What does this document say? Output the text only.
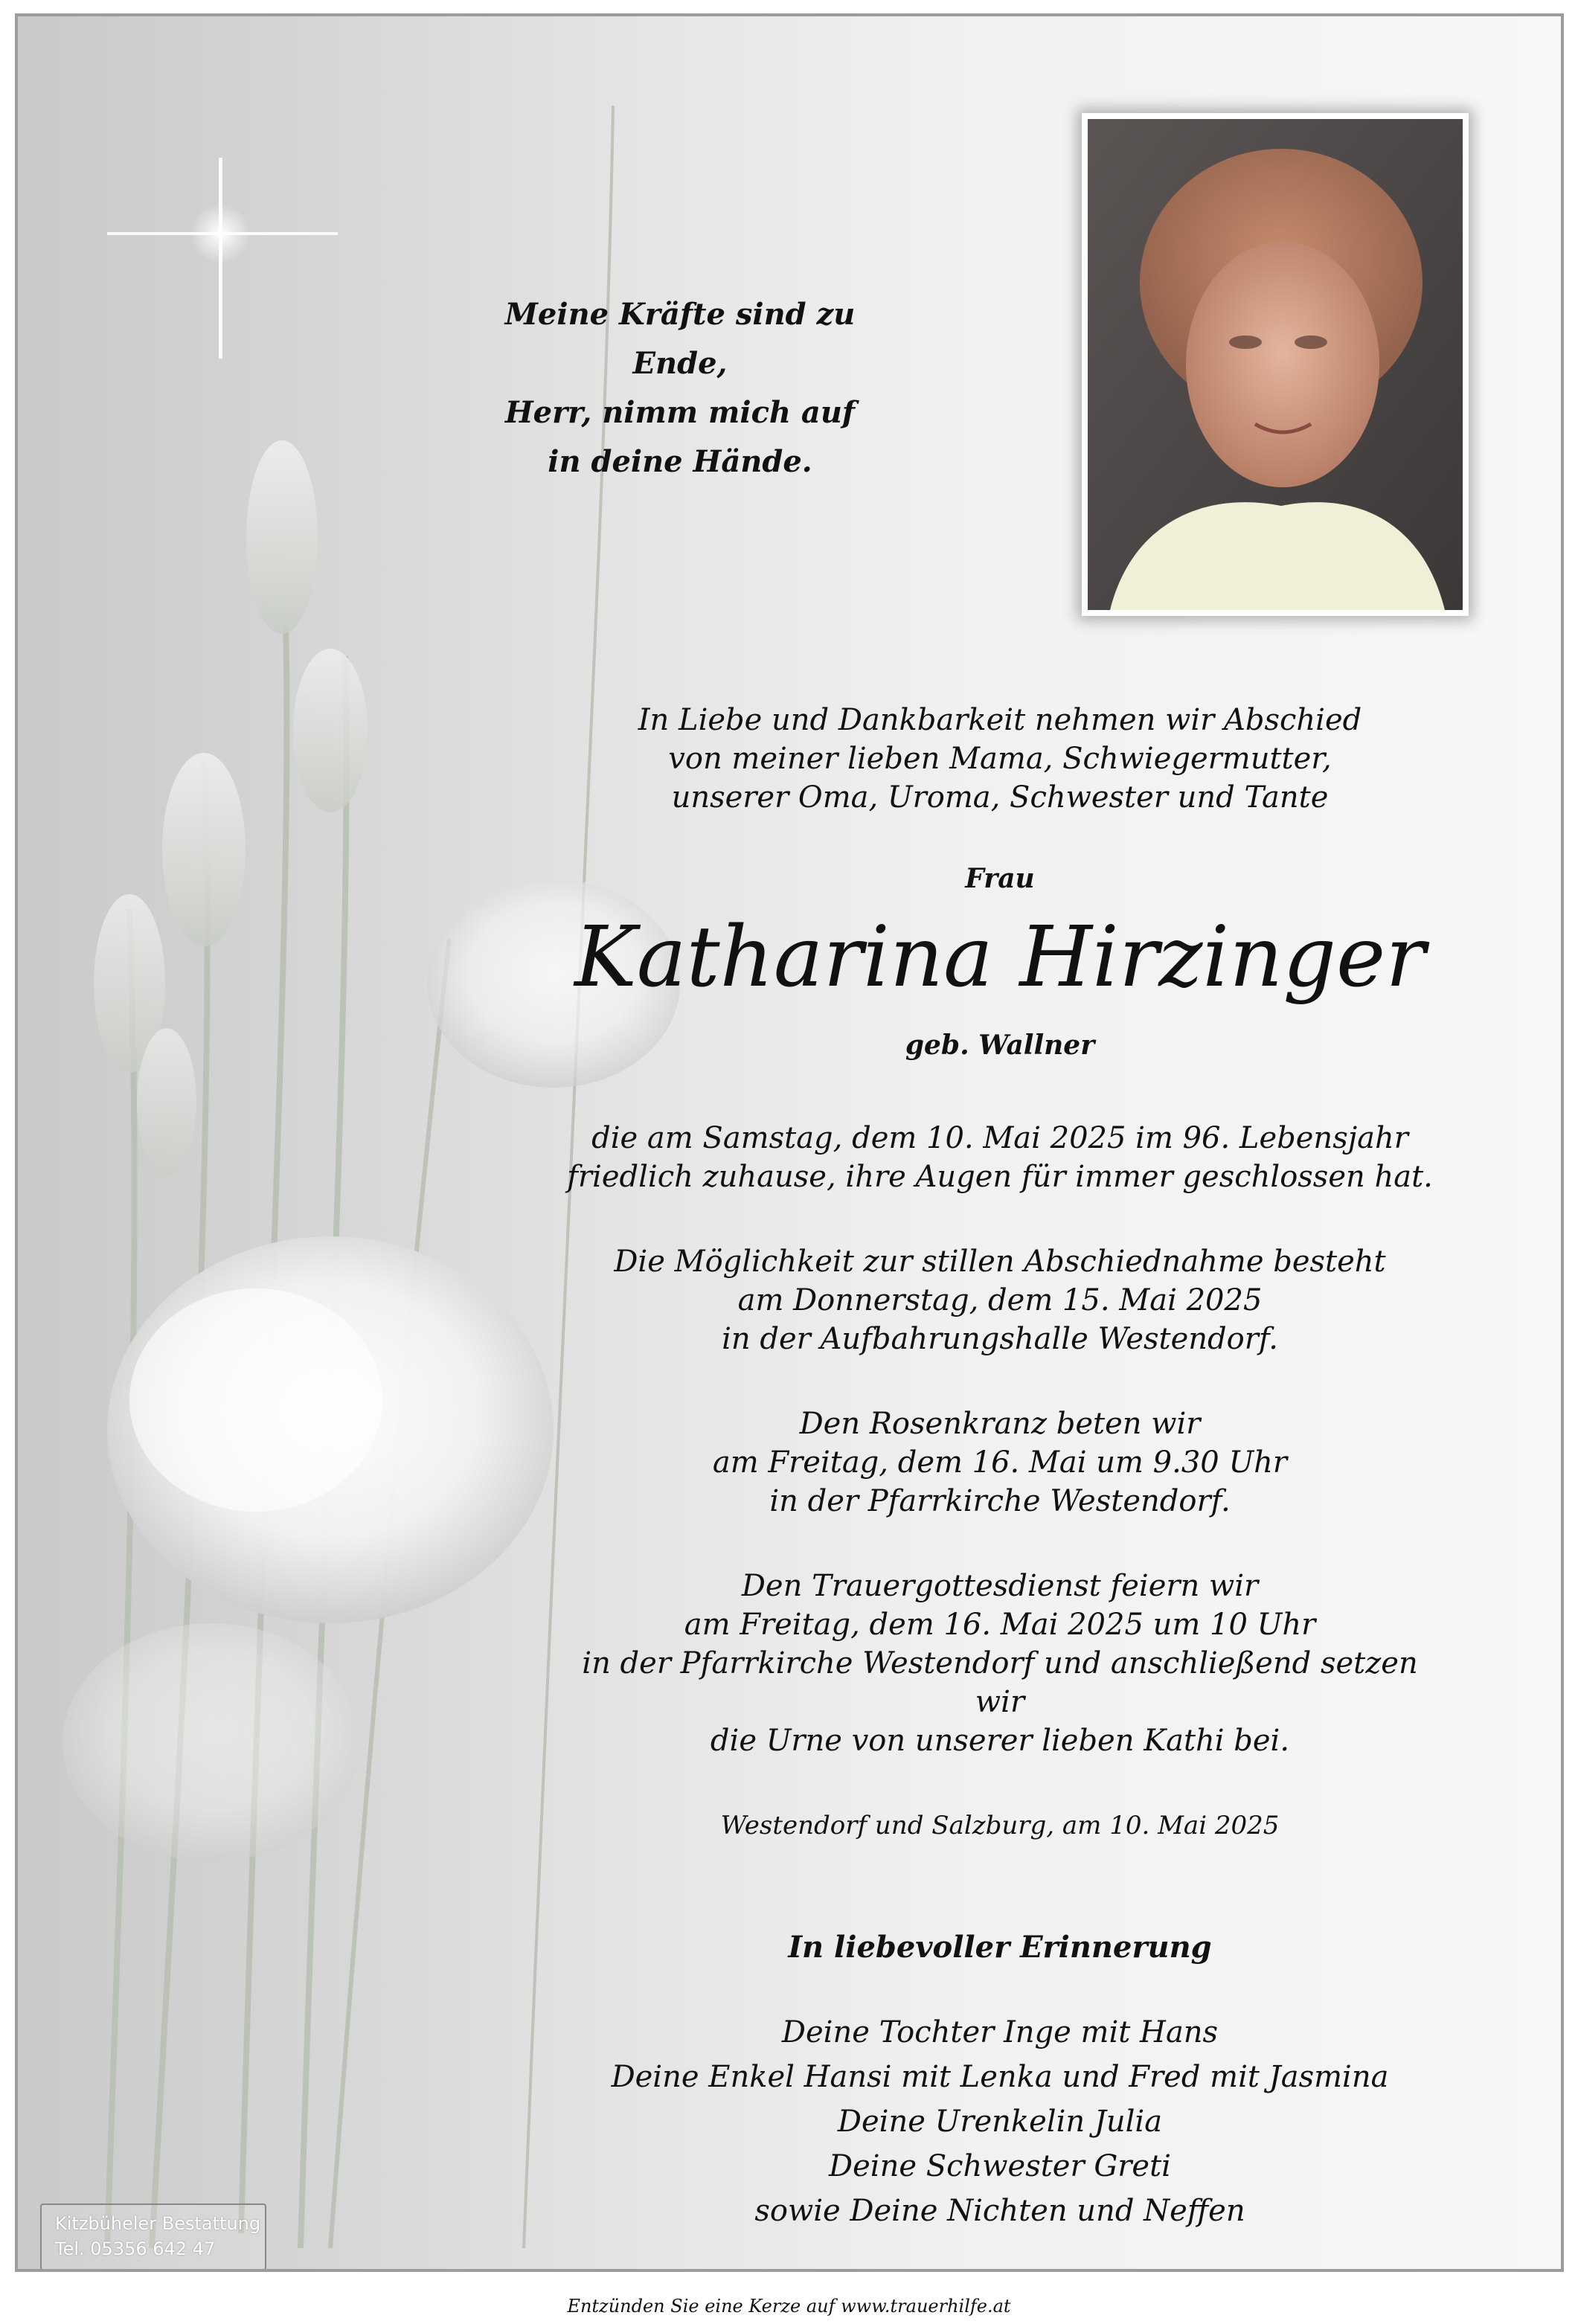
Meine Kräfte sind zu Ende,
Herr, nimm mich auf
in deine Hände.
In Liebe und Dankbarkeit nehmen wir Abschied
von meiner lieben Mama, Schwiegermutter,
unserer Oma, Uroma, Schwester und Tante
Frau
Katharina Hirzinger
geb. Wallner
die am Samstag, dem 10. Mai 2025 im 96. Lebensjahr
friedlich zuhause, ihre Augen für immer geschlossen hat.
Die Möglichkeit zur stillen Abschiednahme besteht
am Donnerstag, dem 15. Mai 2025
in der Aufbahrungshalle Westendorf.
Den Rosenkranz beten wir
am Freitag, dem 16. Mai um 9.30 Uhr
in der Pfarrkirche Westendorf.
Den Trauergottesdienst feiern wir
am Freitag, dem 16. Mai 2025 um 10 Uhr
in der Pfarrkirche Westendorf und anschließend setzen wir
die Urne von unserer lieben Kathi bei.
Westendorf und Salzburg, am 10. Mai 2025
In liebevoller Erinnerung
Deine Tochter Inge mit Hans
Deine Enkel Hansi mit Lenka und Fred mit Jasmina
Deine Urenkelin Julia
Deine Schwester Greti
sowie Deine Nichten und Neffen
Kitzbüheler Bestattung
Tel. 05356 642 47
Entzünden Sie eine Kerze auf www.trauerhilfe.at
